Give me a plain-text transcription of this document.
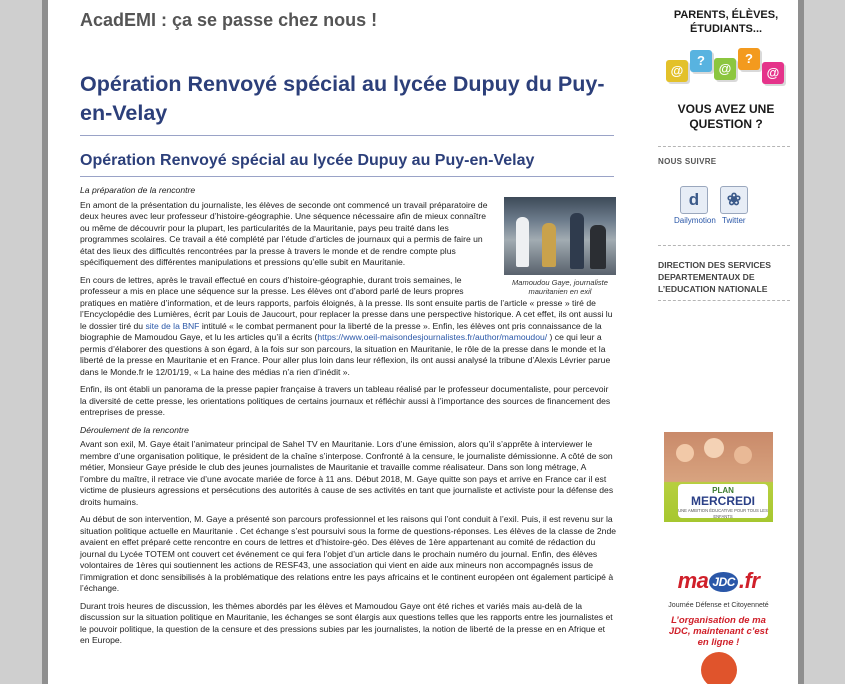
AcadEMI : ça se passe chez nous !
Opération Renvoyé spécial au lycée Dupuy du Puy-en-Velay
Opération Renvoyé spécial au lycée Dupuy au Puy-en-Velay

La préparation de la rencontre

Mamoudou Gaye, journaliste mauritanien en exil

En amont de la présentation du journaliste, les élèves de seconde ont commencé un travail préparatoire de deux heures avec leur professeur d’histoire-géographie. Une séquence nécessaire afin de mieux connaître ou même de découvrir pour la plupart, les particularités de la Mauritanie, pays peu traité dans les programmes scolaires. Ce travail a été complété par l’étude d’articles de journaux qui a permis de faire un état des lieux des difficultés rencontrées par la presse à travers le monde et de rendre compte plus spécifiquement des différentes manipulations et pressions qu’elle subit en Mauritanie.

En cours de lettres, après le travail effectué en cours d’histoire-géographie, durant trois semaines, le professeur a mis en place une séquence sur la presse. Les élèves ont d’abord parlé de leurs propres pratiques en matière d’information, et de leurs rapports, parfois éloignés, à la presse. Ils sont ensuite partis de l’article « presse » tiré de l’Encyclopédie des Lumières, écrit par Louis de Jaucourt, pour replacer la presse dans une perspective historique. A cet effet, ils ont aussi lu le dossier tiré du site de la BNF intitulé « le combat permanent pour la liberté de la presse ». Enfin, les élèves ont pris connaissance de la biographie de Mamoudou Gaye, et lu les articles qu’il a écrits (https://www.oeil-maisondesjournalistes.fr/author/mamoudou/ ) ce qui leur a permis d’élaborer des questions à son égard, à la fois sur son parcours, la situation en Mauritanie, le rôle de la presse dans le monde et la liberté de la presse en Mauritanie et en France. Pour aller plus loin dans leur réflexion, ils ont aussi analysé la tribune d’Alexis Lévrier parue dans le Monde.fr le 12/01/19, « La haine des médias n’a rien d’inédit ».

Enfin, ils ont établi un panorama de la presse papier française à travers un tableau réalisé par le professeur documentaliste, pour percevoir la diversité de cette presse, les orientations politiques de certains journaux et réfléchir aussi à l’importance des sources de financement des entreprises de presse.

Déroulement de la rencontre

Avant son exil, M. Gaye était l’animateur principal de Sahel TV en Mauritanie. Lors d’une émission, alors qu’il s’apprête à interviewer le membre d’une organisation politique, le président de la chaîne s’interpose. Confronté à la censure, le journaliste démissionne. A côté de son métier, Monsieur Gaye préside le club des jeunes journalistes de Mauritanie et travaille comme réalisateur. Dans son long métrage, A l’ombre du maître, il retrace vie d’une avocate mariée de force à 11 ans. Début 2018, M. Gaye quitte son pays et arrive en France car il est victime de plusieurs agressions et persécutions des autorités à cause de ses activités en tant que journaliste et activiste pour la défense des droits humains.

Au début de son intervention, M. Gaye a présenté son parcours professionnel et les raisons qui l’ont conduit à l’exil. Puis, il est revenu sur la situation politique actuelle en Mauritanie . Cet échange s’est poursuivi sous la forme de questions-réponses. Les élèves de la classe de 2nde avaient en effet préparé cette rencontre en cours de lettres et d’histoire-géo. Des élèves de 1ère appartenant au comité de rédaction du journal du Lycée TOTEM ont couvert cet événement ce qui fera l’objet d’un article dans le prochain numéro du journal. Enfin, des élèves volontaires de 1ères qui soutiennent les actions de RESF43, une association qui vient en aide aux mineurs non accompagnés issus de l’immigration et donc sensibilisés à la problématique des relations entre les pays africains et le continent européen ont également participé à l’échange.

Durant trois heures de discussion, les thèmes abordés par les élèves et Mamoudou Gaye ont été riches et variés mais au-delà de la discussion sur la situation politique en Mauritanie, les échanges se sont élargis aux questions telles que les rapports entre les journalistes et le pouvoir politique, la question de la censure et des pressions subies par les journalistes, la notion de liberté de la presse en en Afrique et en Europe.

PARENTS, ÉLÈVES, ÉTUDIANTS...
@
?
@
?
@
VOUS AVEZ UNE QUESTION ?
NOUS SUIVRE
d	❀
Dailymotion Twitter
DIRECTION DES SERVICES DEPARTEMENTAUX DE L’EDUCATION NATIONALE
PLAN
MERCREDI
UNE AMBITION ÉDUCATIVE POUR TOUS LES ENFANTS
ma JDC .fr
Journée Défense et Citoyenneté
L’organisation de ma JDC, maintenant c’est en ligne !
